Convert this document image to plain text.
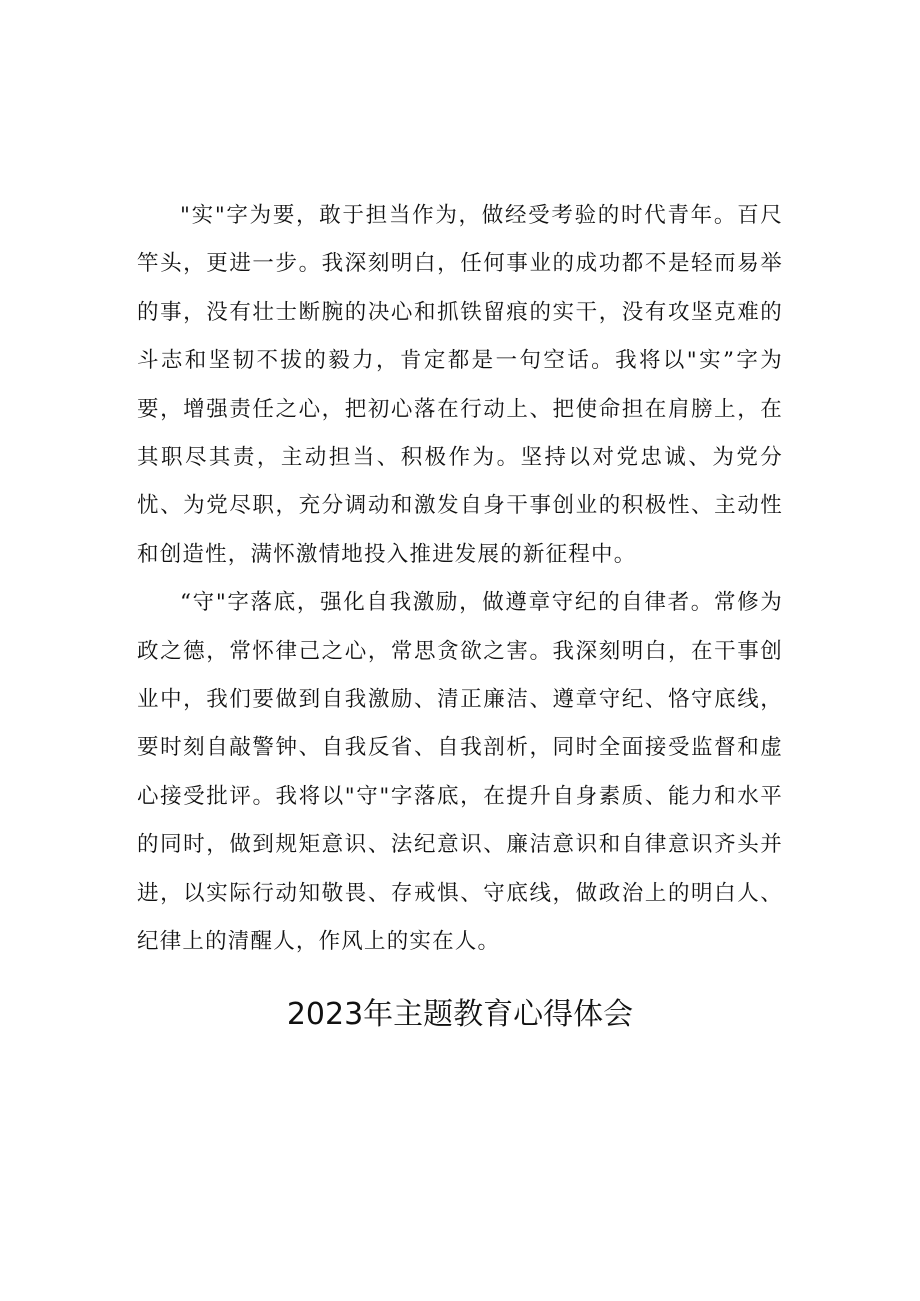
"实"字为要，敢于担当作为，做经受考验的时代青年。百尺竿头，更进一步。我深刻明白，任何事业的成功都不是轻而易举的事，没有壮士断腕的决心和抓铁留痕的实干，没有攻坚克难的斗志和坚韧不拔的毅力，肯定都是一句空话。我将以"实”字为要，增强责任之心，把初心落在行动上、把使命担在肩膀上，在其职尽其责，主动担当、积极作为。坚持以对党忠诚、为党分忧、为党尽职，充分调动和激发自身干事创业的积极性、主动性和创造性，满怀激情地投入推进发展的新征程中。

“守"字落底，强化自我激励，做遵章守纪的自律者。常修为政之德，常怀律己之心，常思贪欲之害。我深刻明白，在干事创业中，我们要做到自我激励、清正廉洁、遵章守纪、恪守底线，要时刻自敲警钟、自我反省、自我剖析，同时全面接受监督和虚心接受批评。我将以"守"字落底，在提升自身素质、能力和水平的同时，做到规矩意识、法纪意识、廉洁意识和自律意识齐头并进，以实际行动知敬畏、存戒惧、守底线，做政治上的明白人、纪律上的清醒人，作风上的实在人。

2023年主题教育心得体会
